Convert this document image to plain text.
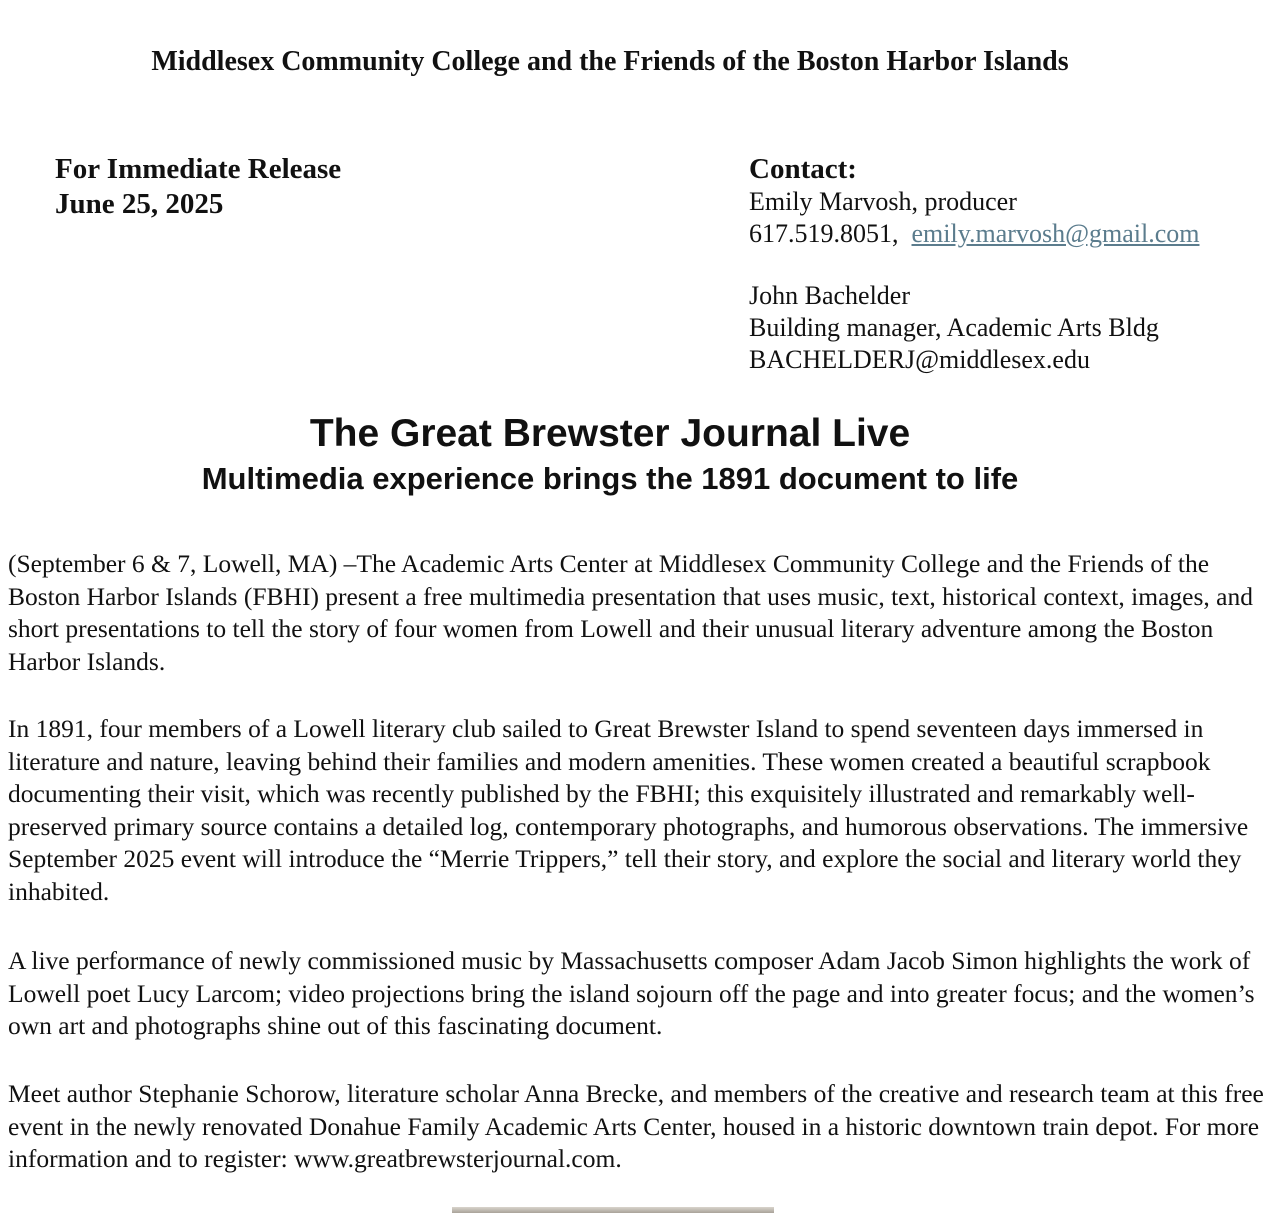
Middlesex Community College and the Friends of the Boston Harbor Islands
For Immediate Release
June 25, 2025
Contact:
Emily Marvosh, producer
617.519.8051, emily.marvosh@gmail.com
John Bachelder
Building manager, Academic Arts Bldg
BACHELDERJ@middlesex.edu
The Great Brewster Journal Live
Multimedia experience brings the 1891 document to life

(September 6 & 7, Lowell, MA) –The Academic Arts Center at Middlesex Community College and the Friends of the Boston Harbor Islands (FBHI) present a free multimedia presentation that uses music, text, historical context, images, and short presentations to tell the story of four women from Lowell and their unusual literary adventure among the Boston Harbor Islands.

In 1891, four members of a Lowell literary club sailed to Great Brewster Island to spend seventeen days immersed in literature and nature, leaving behind their families and modern amenities. These women created a beautiful scrapbook documenting their visit, which was recently published by the FBHI; this exquisitely illustrated and remarkably well-preserved primary source contains a detailed log, contemporary photographs, and humorous observations. The immersive September 2025 event will introduce the “Merrie Trippers,” tell their story, and explore the social and literary world they inhabited.

A live performance of newly commissioned music by Massachusetts composer Adam Jacob Simon highlights the work of Lowell poet Lucy Larcom; video projections bring the island sojourn off the page and into greater focus; and the women’s own art and photographs shine out of this fascinating document.

Meet author Stephanie Schorow, literature scholar Anna Brecke, and members of the creative and research team at this free event in the newly renovated Donahue Family Academic Arts Center, housed in a historic downtown train depot. For more information and to register: www.greatbrewsterjournal.com.
